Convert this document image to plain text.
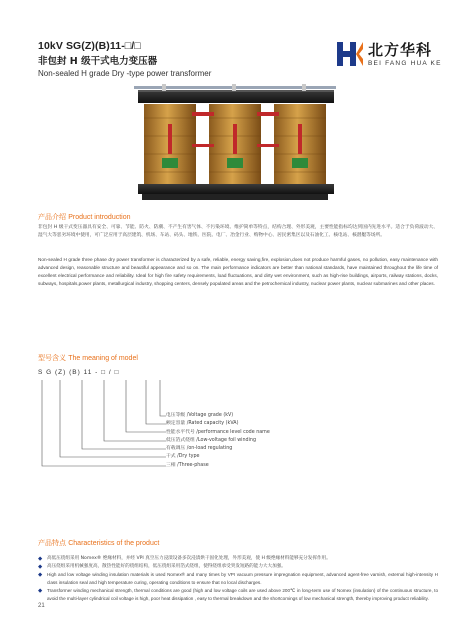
10kV SG(Z)(B)11-□/□
非包封 H 级干式电力变压器
Non-sealed H grade Dry -type power transformer
北方华科
BEI FANG HUA KE
产品介绍 Product introduction
非包封 H 级干式变压器具有安全、可靠、节能、防火、防潮、不产生有害气体、不污染环境、维护简单等特点，结构合理、外形美观，主要性能指标均达到国内先进水平。适合于负荷波动大、湿气大等恶劣环境中使用，可广泛应用于高层建筑、机场、车站、码头、地铁、医院、电厂、冶金行业、购物中心、居民密集区以及石油化工、核电站、核潜艇等场所。
Non-sealed H grade three phase dry power transformer is characterized by a safe, reliable, energy saving,fire, explosion,does not produce harmful gases, no pollution, easy maintenance with advanced design, reasonable structure and beautiful appearance and so on. The main performance indicators are better than national standards, have maintained throughout the life time of excellent electrical performance and reliability. Ideal for high fire safety requirements, load fluctuations, and dirty wet environment, such as high-rise buildings, airports, railway stations, docks, subways, hospitals,power plants, metallurgical industry, shopping centers, densely populated areas and the petrochemical industry, nuclear power plants, nuclear submarines and other places.
型号含义 The meaning of model
S G (Z) (B) 11 - □ / □
电压等级 /Voltage grade (kV)
额定容量 /Rated capacity (kVA)
性能水平代号 /performance level code name
低压箔式绕组 /Low-voltage foil winding
有载调压 /on-load regulating
干式 /Dry type
三相 /Three-phase
产品特点 Characteristics of the product
◆ 高低压绕组采用 Nomex® 绝缘材料，并经 VPI 真空压力浸渍设备多次浸渍烘干固化处理，外形美观，使 H 级绝缘材料能够充分发挥作用。
◆ 高压绕组采用机械强度高，散热性能好的绕组结构，低压绕组采用箔式绕组，使得绕组承受突发短路的能力大大加强。
◆ High and low voltage winding insulation materials is used Nomex® and many times by VPI vacuum pressure impregnation equipment, advanced agent-free varnish, external high-intensity H class insulation seal and high temperature curing, operating conditions to ensure that no local discharges.
◆ Transformer winding mechanical strength, thermal conditions are good (high and low voltage coils are used above 200℃ in long-term use of Nomex (insulation) of the continuous structure, to avoid the multi-layer cylindrical coil voltage is high, poor heat dissipation , easy to thermal breakdown and the shortcomings of low mechanical strength, thereby improving product reliability.
21
